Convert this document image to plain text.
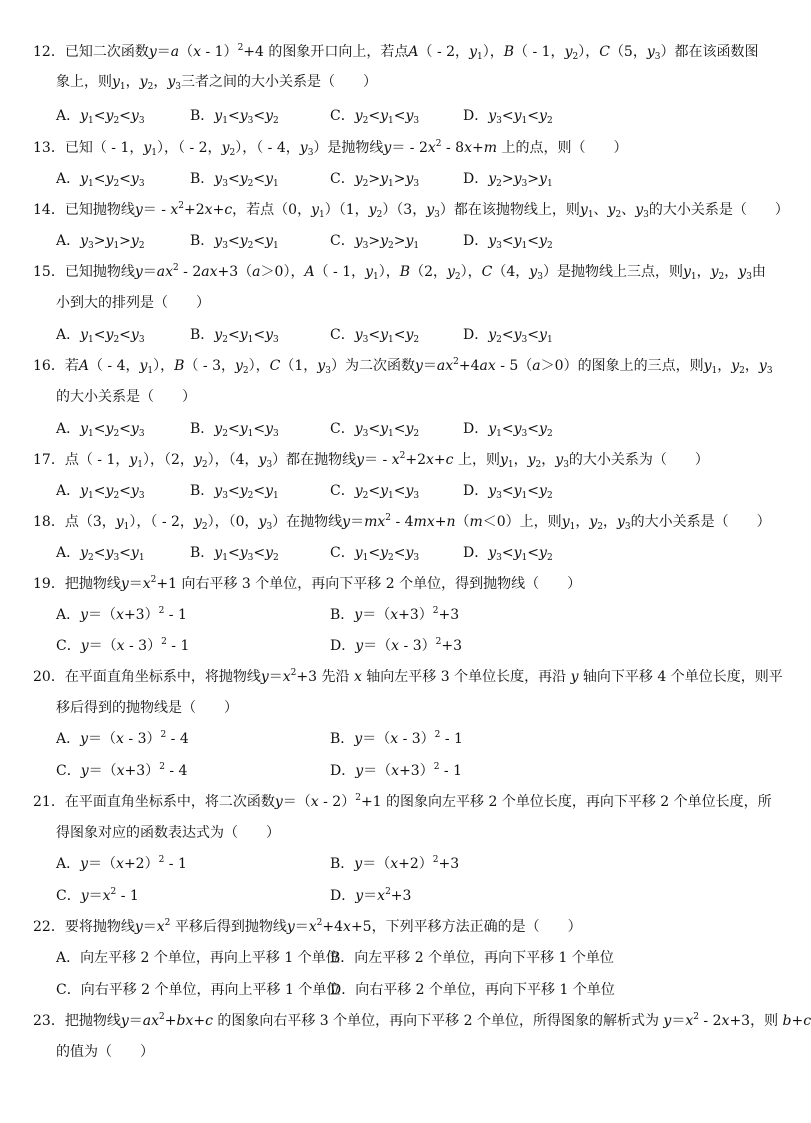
12．已知二次函数y＝a（x - 1）$^2$+4 的图象开口向上，若点A（ - 2，$y_1$），B（ - 1，$y_2$），C（5，$y_3$）都在该函数图
象上，则$y_1$，$y_2$，$y_3$三者之间的大小关系是（　　）
A．$y_1<y_2<y_3$	B．$y_1<y_3<y_2$	C．$y_2<y_1<y_3$	D．$y_3<y_1<y_2$
13．已知（ - 1，$y_1$），（ - 2，$y_2$），（ - 4，$y_3$）是抛物线$y= - 2x^2 - 8x+m$ 上的点，则（　　）
A．$y_1<y_2<y_3$	B．$y_3<y_2<y_1$	C．$y_2>y_1>y_3$	D．$y_2>y_3>y_1$
14．已知抛物线$y= - x^2+2x+c$，若点（0，$y_1)(1$，$y_2)(3$，$y_3$）都在该抛物线上，则$y_1$、$y_2$、$y_3$的大小关系是（　　）
A．$y_3>y_1>y_2$	B．$y_3<y_2<y_1$	C．$y_3>y_2>y_1$	D．$y_3<y_1<y_2$
15．已知抛物线$y=ax^2 - 2ax+3(a>0)$，A（ - 1，$y_1$），B（2，$y_2$），C（4，$y_3$）是抛物线上三点，则$y_1$，$y_2$，$y_3$由
小到大的排列是（　　）
A．$y_1<y_2<y_3$	B．$y_2<y_1<y_3$	C．$y_3<y_1<y_2$	D．$y_2<y_3<y_1$
16．若A（ - 4，$y_1$），B（ - 3，$y_2$），C（1，$y_3$）为二次函数$y=ax^2+4ax - 5(a>0)$的图象上的三点，则$y_1$，$y_2$，$y_3$
的大小关系是（　　）
A．$y_1<y_2<y_3$	B．$y_2<y_1<y_3$	C．$y_3<y_1<y_2$	D．$y_1<y_3<y_2$
17．点（ - 1，$y_1$），（2，$y_2$），（4，$y_3$）都在抛物线$y= - x^2+2x+c$ 上，则$y_1$，$y_2$，$y_3$的大小关系为（　　）
A．$y_1<y_2<y_3$	B．$y_3<y_2<y_1$	C．$y_2<y_1<y_3$	D．$y_3<y_1<y_2$
18．点（3，$y_1$），（ - 2，$y_2$），（0，$y_3$）在抛物线$y=mx^2 - 4mx+n(m<0)$上，则$y_1$，$y_2$，$y_3$的大小关系是（　　）
A．$y_2<y_3<y_1$	B．$y_1<y_3<y_2$	C．$y_1<y_2<y_3$	D．$y_3<y_1<y_2$
19．把抛物线$y=x^2+1$ 向右平移 3 个单位，再向下平移 2 个单位，得到抛物线（　　）
A．$y=(x+3)^2 - 1$	B．$y=(x+3)^2+3$
C．y＝（x - 3）$^2$ - 1	D．y＝（x - 3）$^2$+3
20．在平面直角坐标系中，将抛物线$y=x^2+3$ 先沿 x 轴向左平移 3 个单位长度，再沿 y 轴向下平移 4 个单位长度，则平
移后得到的抛物线是（　　）
A．y＝（x - 3）$^2$ - 4	B．y＝（x - 3）$^2$ - 1
C．$y=(x+3)^2 - 4$	D．$y=(x+3)^2 - 1$
21．在平面直角坐标系中，将二次函数y＝（x - 2）$^2$+1 的图象向左平移 2 个单位长度，再向下平移 2 个单位长度，所
得图象对应的函数表达式为（　　）
A．$y=(x+2)^2 - 1$	B．$y=(x+2)^2+3$
C．$y=x^2 - 1$	D．$y=x^2+3$
22．要将抛物线$y=x^2$ 平移后得到抛物线$y=x^2+4x+5$，下列平移方法正确的是（　　）
A．向左平移 2 个单位，再向上平移 1 个单位
B．向左平移 2 个单位，再向下平移 1 个单位
C．向右平移 2 个单位，再向上平移 1 个单位
D．向右平移 2 个单位，再向下平移 1 个单位
23．把抛物线$y=ax^2+bx+c$ 的图象向右平移 3 个单位，再向下平移 2 个单位，所得图象的解析式为 $y=x^2 - 2x+3$，则 b+c
的值为（　　）
